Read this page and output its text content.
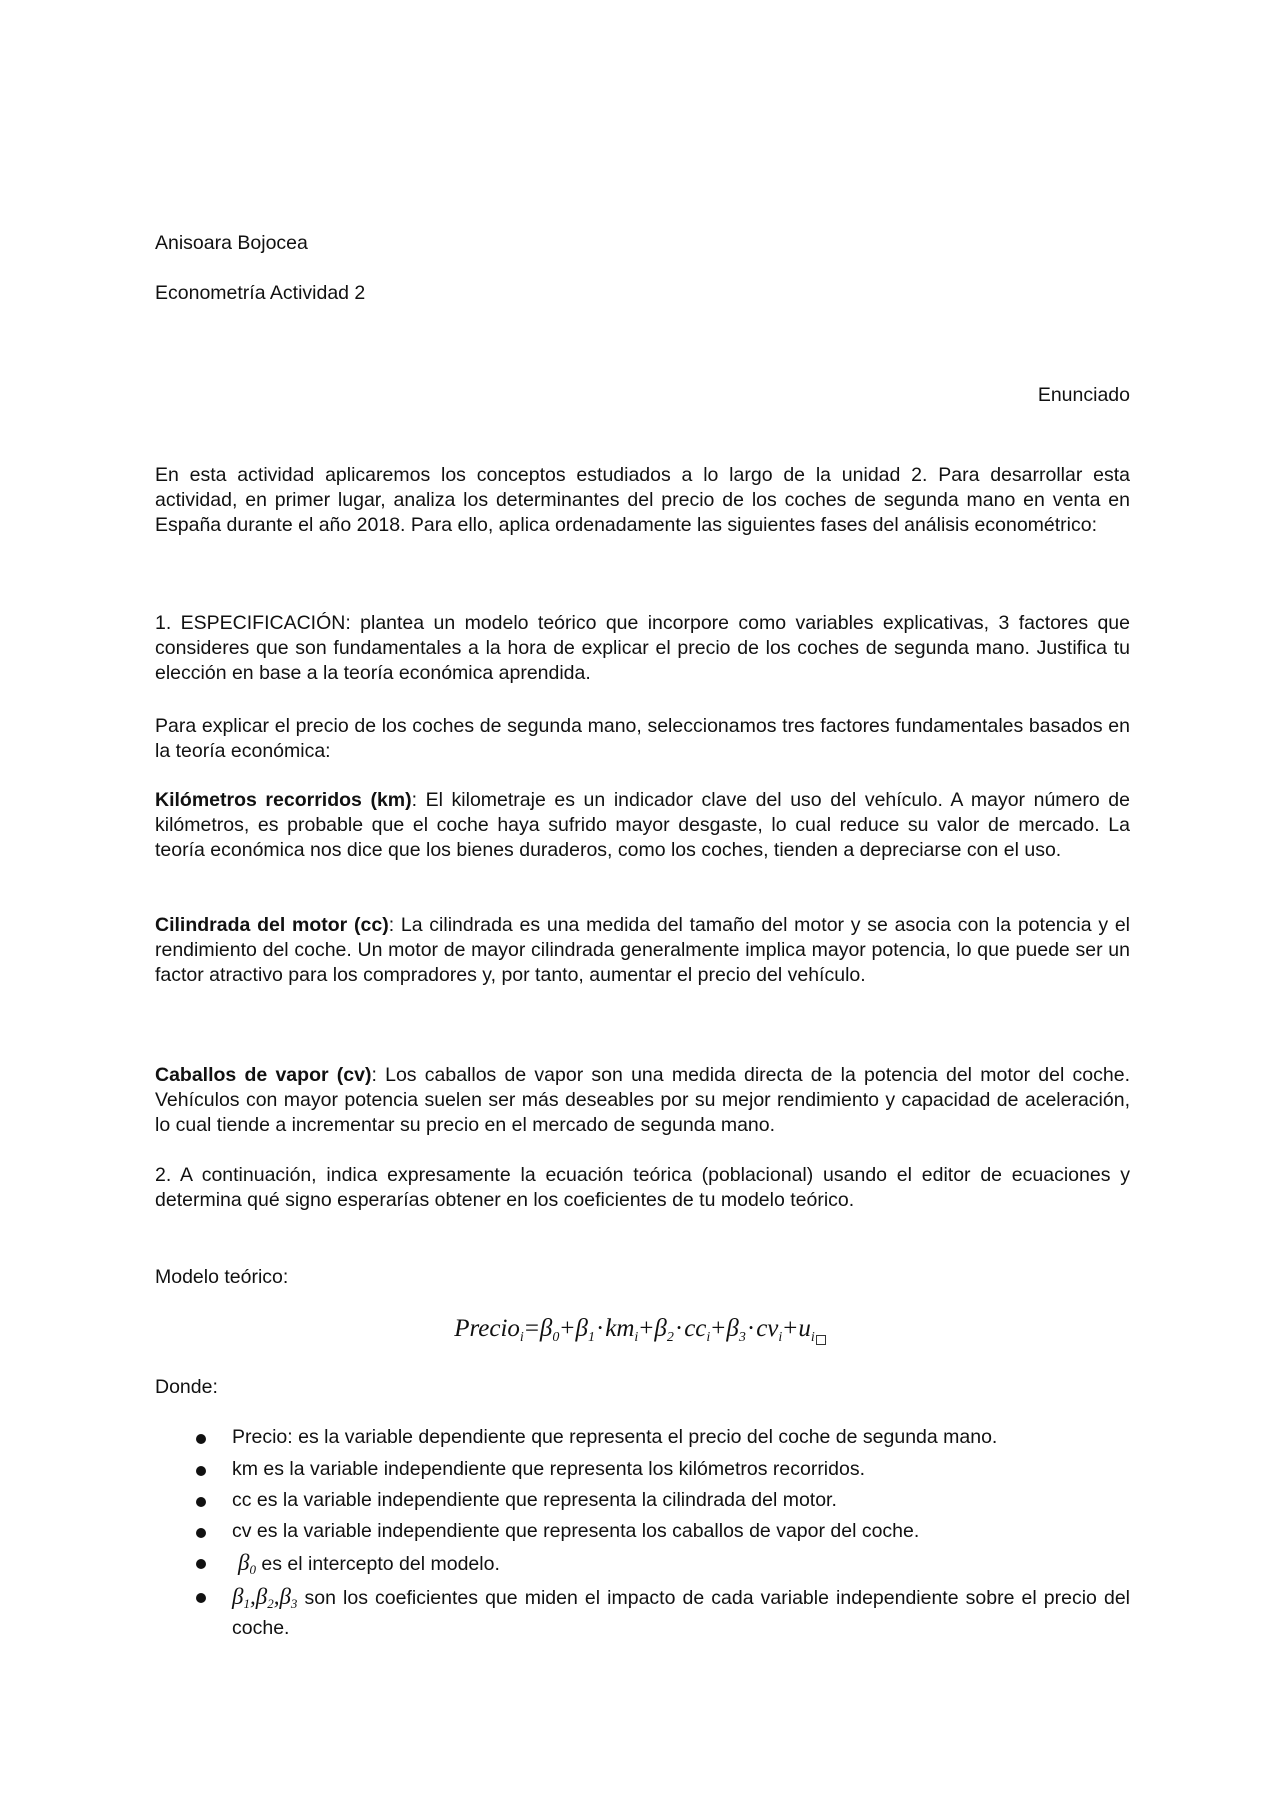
Anisoara Bojocea
Econometría Actividad 2
Enunciado
En esta actividad aplicaremos los conceptos estudiados a lo largo de la unidad 2. Para desarrollar esta actividad, en primer lugar, analiza los determinantes del precio de los coches de segunda mano en venta en España durante el año 2018. Para ello, aplica ordenadamente las siguientes fases del análisis econométrico:
1. ESPECIFICACIÓN: plantea un modelo teórico que incorpore como variables explicativas, 3 factores que consideres que son fundamentales a la hora de explicar el precio de los coches de segunda mano. Justifica tu elección en base a la teoría económica aprendida.
Para explicar el precio de los coches de segunda mano, seleccionamos tres factores fundamentales basados en la teoría económica:
Kilómetros recorridos (km): El kilometraje es un indicador clave del uso del vehículo. A mayor número de kilómetros, es probable que el coche haya sufrido mayor desgaste, lo cual reduce su valor de mercado. La teoría económica nos dice que los bienes duraderos, como los coches, tienden a depreciarse con el uso.
Cilindrada del motor (cc): La cilindrada es una medida del tamaño del motor y se asocia con la potencia y el rendimiento del coche. Un motor de mayor cilindrada generalmente implica mayor potencia, lo que puede ser un factor atractivo para los compradores y, por tanto, aumentar el precio del vehículo.
Caballos de vapor (cv): Los caballos de vapor son una medida directa de la potencia del motor del coche. Vehículos con mayor potencia suelen ser más deseables por su mejor rendimiento y capacidad de aceleración, lo cual tiende a incrementar su precio en el mercado de segunda mano.
2. A continuación, indica expresamente la ecuación teórica (poblacional) usando el editor de ecuaciones y determina qué signo esperarías obtener en los coeficientes de tu modelo teórico.
Modelo teórico:
$Precio_i=\beta_0+\beta_1\cdot km_i+\beta_2\cdot cc_i+\beta_3\cdot cv_i+u_i$
Donde:
Precio: es la variable dependiente que representa el precio del coche de segunda mano.
km es la variable independiente que representa los kilómetros recorridos.
cc es la variable independiente que representa la cilindrada del motor.
cv es la variable independiente que representa los caballos de vapor del coche.
$\beta_0$ es el intercepto del modelo.
$\beta_1,\beta_2,\beta_3$ son los coeficientes que miden el impacto de cada variable independiente sobre el precio del coche.
